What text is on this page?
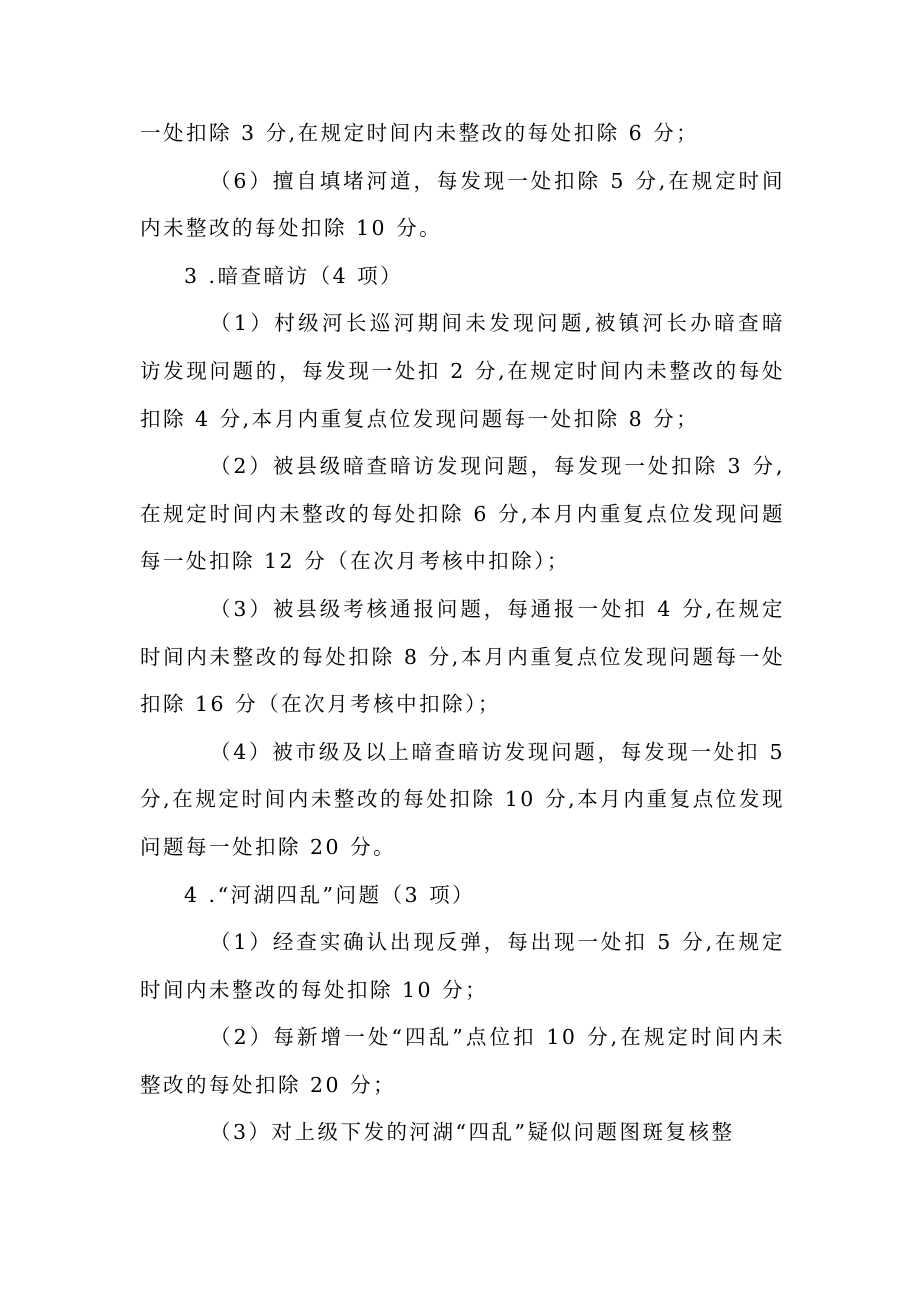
一处扣除 3 分,在规定时间内未整改的每处扣除 6 分；

（6）擅自填堵河道，每发现一处扣除 5 分,在规定时间内未整改的每处扣除 10 分。

3 .暗查暗访（4 项）

（1）村级河长巡河期间未发现问题,被镇河长办暗查暗访发现问题的，每发现一处扣 2 分,在规定时间内未整改的每处扣除 4 分,本月内重复点位发现问题每一处扣除 8 分；

（2）被县级暗查暗访发现问题，每发现一处扣除 3 分,在规定时间内未整改的每处扣除 6 分,本月内重复点位发现问题每一处扣除 12 分（在次月考核中扣除）；

（3）被县级考核通报问题，每通报一处扣 4 分,在规定时间内未整改的每处扣除 8 分,本月内重复点位发现问题每一处扣除 16 分（在次月考核中扣除）；

（4）被市级及以上暗查暗访发现问题，每发现一处扣 5 分,在规定时间内未整改的每处扣除 10 分,本月内重复点位发现问题每一处扣除 20 分。

4 .“河湖四乱”问题（3 项）

（1）经查实确认出现反弹，每出现一处扣 5 分,在规定时间内未整改的每处扣除 10 分；

（2）每新增一处“四乱”点位扣 10 分,在规定时间内未整改的每处扣除 20 分；

（3）对上级下发的河湖“四乱”疑似问题图斑复核整
